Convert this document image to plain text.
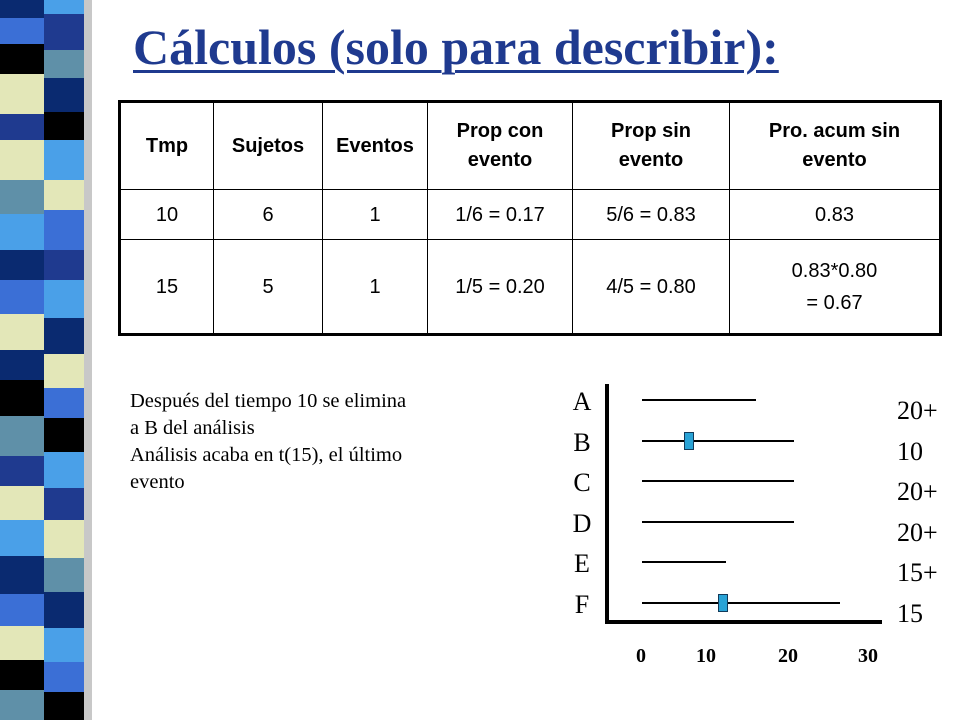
Cálculos (solo para describir):
Tmp	Sujetos	Eventos	Prop con evento	Prop sin evento	Pro. acum sin evento
10	6	1	1/6 = 0.17	5/6 = 0.83	0.83
15	5	1	1/5 = 0.20	4/5 = 0.80	0.83*0.80
= 0.67

Después del tiempo 10 se elimina

a B del análisis

Análisis acaba en t(15), el último

evento

A	20+
B	10
C	20+
D	20+
E	15+
F	15
0	10	20	30
